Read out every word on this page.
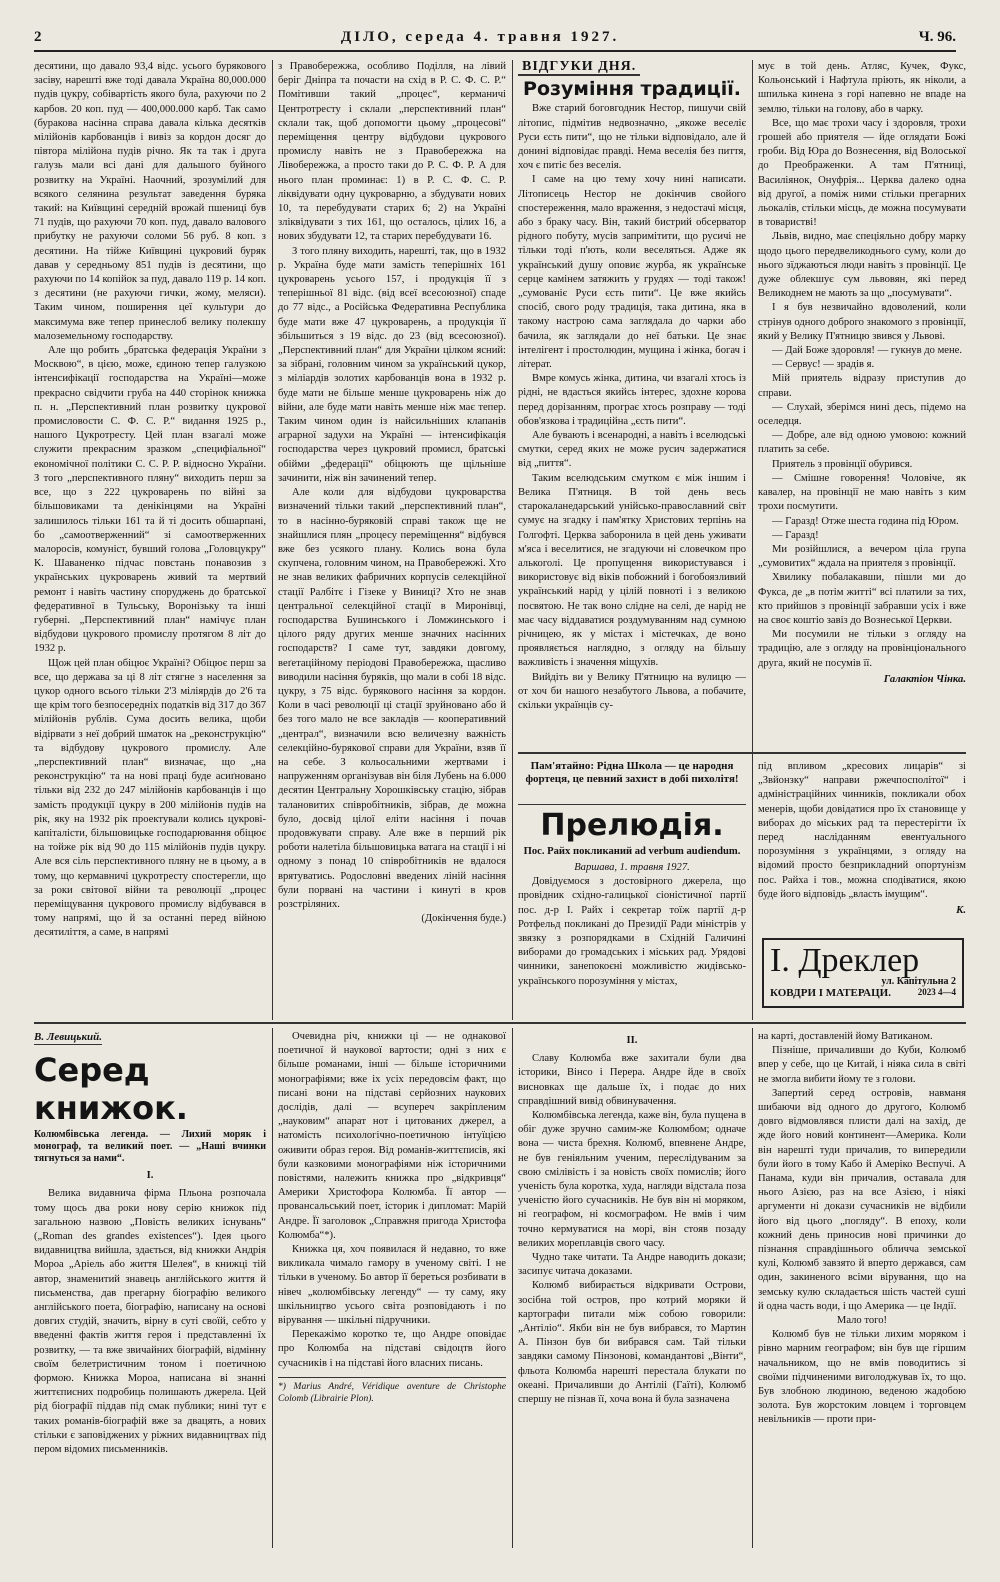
2	ДІЛО, середа 4. травня 1927.	Ч. 96.

десятини, що давало 93,4 відс. усього бурякового засіву, нарешті вже тоді давала Україна 80,000.000 пудів цукру, собівартість якого була, рахуючи по 2 карбов. 20 коп. пуд — 400,000.000 карб. Так само (буракова насінна справа давала кілька десятків мілійонів карбованців і вивіз за кордон досяг до півтора мілійона пудів річно. Як та так і друга галузь мали всі дані для дальшого буйного розвитку на Україні. Наочний, зрозумілий для всякого селянина результат заведення буряка такий: на Київщині середній врожай пшениці був 71 пудів, що рахуючи 70 коп. пуд, давало валового прибутку не рахуючи соломи 56 руб. 8 коп. з десятини. На тійже Київщині цукровий буряк давав у середньому 851 пудів із десятини, що рахуючи по 14 копійок за пуд, давало 119 р. 14 коп. з десятини (не рахуючи гички, жому, меляси). Таким чином, поширення цеї культури до максимума вже тепер принеслоб велику полекшу малоземельному господарству.

Але що робить „братська федерація України з Москвою“, в цією, може, єдиною тепер галузкою інтенсифікації господарства на Україні—може прекрасно свідчити груба на 440 сторінок книжка п. н. „Перспективний план розвитку цукрової промисловости С. Ф. С. Р.“ видання 1925 р., нашого Цукротресту. Цей план взагалі може служити прекрасним зразком „специфіальної“ економічної політики С. С. Р. Р. відносно України. З того „перспективного пляну“ виходить перш за все, що з 222 цукроварень по війні за більшовиками та денікінцями на Україні залишилось тільки 161 та й ті досить обшарпані, бо „самоотверженний“ зі самоотверженних малоросів, комуніст, бувший голова „Головцукру“ К. Шаваненко підчас повстань понавозив з українських цукроварень живий та мертвий ремонт і навіть частину споруджень до братської федеративної в Тульську, Воронізьку та інші губерні. „Перспективний план“ намічує план відбудови цукрового промислу протягом 8 літ до 1932 р.

Щож цей план обіцює Україні? Обіцює перш за все, що держава за ці 8 літ стягне з населення за цукор одного всього тільки 2'3 міліярдів до 2'6 та ще крім того безпосередніх податків від 317 до 367 мілійонів рублів. Сума досить велика, щоби відірвати з неї добрий шматок на „реконструкцію“ та відбудову цукрового промислу. Але „перспективний план“ визначає, що „на реконструкцію“ та на нові праці буде асиґновано тільки від 232 до 247 мілійонів карбованців і що замість продукції цукру в 200 мілійонів пудів на рік, яку на 1932 рік проектували колись цукрові-капіталісти, більшовицьке господарювання обіцює на тойже рік від 90 до 115 мілійонів пудів цукру. Але вся сіль перспективного пляну не в цьому, а в тому, що кермавничі цукротресту спостерегли, що за роки світової війни та революції „процес переміщування цукрового промислу відбувався в тому напрямі, що й за останні перед війною десятиліття, а саме, в напрямі

з Правобережжа, особливо Поділля, на лівий беріг Дніпра та почасти на схід в Р. С. Ф. С. Р.“ Помітивши такий „процес“, керманичі Центротресту і склали „перспективний план“ склали так, щоб допомогти цьому „процесові“ переміщення центру відбудови цукрового промислу навіть не з Правобережжа на Лівобережжа, а просто таки до Р. С. Ф. Р. А для нього план проминає: 1) в Р. С. Ф. С. Р. ліквідувати одну цукроварню, а збудувати нових 10, та перебудувати старих 6; 2) на Україні зліквідувати з тих 161, що осталось, цілих 16, а нових збудувати 12, та старих перебудувати 16.

З того пляну виходить, нарешті, так, що в 1932 р. Україна буде мати замість теперішніх 161 цукроварень усього 157, і продукція її з теперішньої 81 відс. (від всеї всесоюзної) спаде до 77 відс., а Російська Федеративна Республика буде мати вже 47 цукроварень, а продукція її збільшиться з 19 відс. до 23 (від всесоюзної). „Перспективний план“ для України цілком ясний: за зібрані, головним чином за український цукор, з міліардів золотих карбованців вона в 1932 р. буде мати не більше менше цукроварень ніж до війни, але буде мати навіть менше ніж має тепер. Таким чином один із найсильніших клапанів аграрної задухи на Україні — інтенсифікація господарства через цукровий промисл, братські обійми „федерації“ обіцюють ще щільніше зачинити, ніж він зачинений тепер.

Але коли для відбудови цукроварства визначений тільки такий „перспективний план“, то в насінно-буряковій справі також ще не знайшлися плян „процесу переміщення“ відбувся вже без усякого плану. Колись вона була скупчена, головним чином, на Правобережжі. Хто не знав великих фабричних корпусів селекційної стації Ралбітє і Гізеке у Виниці? Хто не знав центральної селекційної стації в Миронівці, господарства Бушинського і Ломжинського і цілого ряду других менше значних насінних господарств? І саме тут, завдяки довгому, веґетаційному періодові Правобережжа, щасливо виводили насіння буряків, що мали в собі 18 відс. цукру, з 75 відс. бурякового насіння за кордон. Коли в часі революції ці стації зруйновано або й без того мало не все закладів — кооперативний „централ“, визначили всю величезну важність селекційно-бурякової справи для України, взяв її на себе. З кольосальними жертвами і напруженням організував він біля Лубень на 6.000 десятин Центральну Хорошківську стацію, зібрав талановитих співробітників, зібрав, де можна було, досвід цілої еліти насіння і почав продовжувати справу. Але вже в перший рік роботи налетіла більшовицька ватага на стації і ні одному з понад 10 співробітників не вдалося врятуватись. Родословні введених ліній насіння були порвані на частини і кинуті в кров розстріляних.

(Докінчення буде.)
ВІДГУКИ ДНЯ.
Розуміння традиції.

Вже старий боговгодник Нестор, пишучи свій літопис, підмітив недвозначно, „якоже веселіє Руси єсть пити“, що не тільки відповідало, але й донині відповідає правді. Нема веселія без пиття, хоч є питіє без веселія.

І саме на цю тему хочу нині написати. Літописець Нестор не докінчив свойого спостереження, мало враження, з недостачі місця, або з браку часу. Він, такий бистрий обсерватор рідного побуту, мусів запримітити, що русичі не тільки тоді п'ють, коли веселяться. Адже як український душу оповиє журба, як українське серце камінем затяжить у грудях — тоді також! „сумованіє Руси єсть пити“. Це вже якийсь спосіб, свого роду традиція, така дитина, яка в такому настрою сама заглядала до чарки або бачила, як заглядали до неї батьки. Це знає інтелігент і простолюдин, мущина і жінка, богач і літерат.

Вмре комусь жінка, дитина, чи взагалі хтось із рідні, не вдасться якийсь інтерес, здохне корова перед дорізанням, програє хтось розправу — тоді обов'язкова і традиційна „єсть пити“.

Але бувають і всенародні, а навіть і вселюдські смутки, серед яких не може русич задержатися від „пиття“.

Таким вселюдським смутком є між іншим і Велика П'ятниця. В той день весь старокаланедарський унійсько-православний світ сумує на згадку і пам'ятку Христових терпінь на Голгофті. Церква заборонила в цей день уживати м'яса і веселитися, не згадуючи ні словечком про алькоголі. Це пропущення використувався і використовує від віків побожний і богобоязливий український нарід у цілій повноті і з великою посвятою. Не так воно слідне на селі, де нарід не має часу віддаватися роздумуванням над сумною річницею, як у містах і містечках, де воно проявляється наглядно, з огляду на більшу важливість і значення міщухів.

Вийдіть ви у Велику П'ятницю на вулицю — от хоч би нашого незабутого Львова, а побачите, скільки українців су-

мує в той день. Атляс, Кучек, Фукс, Кольонський і Нафтула пріють, як ніколи, а шпилька кинена з горі напевно не впаде на землю, тільки на голову, або в чарку.

Все, що має трохи часу і здоровля, трохи грошей або приятеля — йде оглядати Божі гроби. Від Юра до Вознесення, від Волоської до Преображенки. А там П'ятниці, Василіянок, Онуфрія... Церква далеко одна від другої, а поміж ними стільки прегарних льокалів, стільки місць, де можна посумувати в товаристві!

Львів, видно, має спеціяльно добру марку щодо цього передвеликоднього суму, коли до нього зїджаються люди навіть з провінції. Це дуже облекшує сум львовян, які перед Великоднем не мають за що „посумувати“.

І я був незвичайно вдоволений, коли стрінув одного доброго знакомого з провінції, який у Велику П'ятницю звився у Львові.

— Дай Боже здоровля! — гукнув до мене.

— Сервус! — зрадів я.

Мій приятель відразу приступив до справи.

— Слухай, зберімся нині десь, підемо на оселедця.

— Добре, але від одною умовою: кожний платить за себе.

Приятель з провінції обурився.

— Смішне говорення! Чоловіче, як кавалер, на провінції не маю навіть з ким трохи посмутити.

— Гаразд! Отже шеста година під Юром.

— Гаразд!

Ми розійшлися, а вечером ціла група „сумовитих“ ждала на приятеля з провінції.

Хвилику побалакавши, пішли ми до Фукса, де „в потім житті“ всі платили за тих, кто прийшов з провінції забравши усіх і вже на своє коштіо завіз до Вознеської Церкви.

Ми посумили не тільки з огляду на традицію, але з огляду на провінціонального друга, який не посумів її.

Галактіон Чінка.
Пам'ятайно: Рідна Школа — це народня фортеця, це певний захист в добі пихолітя!
Прелюдія.
Пос. Райх покликаний ad verbum audiendum.
Варшава, 1. травня 1927.

Довідуємося з достовірного джерела, що провідник східно-галицької сіоністичної партії пос. д-р І. Райх і секретар тоїж партії д-р Ротфельд покликані до Президії Ради міністрів у звязку з розпорядками в Східній Галичині виборами до громадських і міських рад. Урядові чинники, занепокоєні можливістю жидівсько-українського порозуміння у містах,

під впливом „кресових лицарів“ зі „Звйонзку“ направи ржечпосполітої“ і адміністраційних чинників, покликали обох менерів, щоби довідатися про їх становище у виборах до міських рад та перестерігти їх перед насліданням евентуального порозуміння з українцями, з огляду на відомий просто безприкладний опортунізм пос. Райха і тов., можна сподіватися, якою буде його відповідь „власть імущим“.

К.
І. Дреклер
ул. Капітульна 2
КОВДРИ І МАТЕРАЦИ.	2023 4—4
В. Левицький.
Серед книжок.
Колюмбівська легенда. — Лихий моряк і монограф, та великий поет. — „Наші вчинки тягнуться за нами“.
I.

Велика видавнича фірма Пльона розпочала тому щось два роки нову серію книжок під загальною назвою „Повість великих існувань“ („Roman des grandes existences“). Ідея цього видавництва вийшла, здається, від книжки Андрія Мороа „Аріель або життя Шелея“, в книжці тій автор, знаменитий знавець англійського життя й письменства, дав прегарну біографію великого англійського поета, біографію, написану на основі довгих студій, значить, вірну в суті своїй, себто у введенні фактів життя героя і представленні їх розвитку, — та вже звичайних біографій, відмінну своїм белетристичним тоном і поетичною формою. Книжка Мороа, написана ві знанні життєписних подробиць полишають джерела. Цей рід біографії піддав під смак публики; нині тут є таких романів-біографій вже за двацять, а нових стільки є заповіджених у ріжних видавництвах під пером відомих письменників.

Очевидна річ, книжки ці — не однакової поетичної й наукової вартости; одні з них є більше романами, інші — більше історичними монографіями; вже іх усіх передовсім факт, що писані вони на підставі серйозних наукових дослідів, далі — всупереч закріпленим „науковим“ апарат нот і цитованих джерел, а натомість психологічно-поетичною інтуїцією оживити образ героя. Від романів-життєписів, які були казковими монографіями ніж історичними повістями, належить книжка про „відкривця“ Америки Христофора Колюмба. Її автор — провансальський поет, історик і дипломат: Марій Андре. Її заголовок „Справжня пригода Христофа Колюмба“*).

Книжка ця, хоч появилася й недавно, то вже викликала чимало гамору в ученому світі. І не тільки в ученому. Бо автор її береться розбивати в нівеч „колюмбівську легенду“ — ту саму, яку шкільництво усього світа розповідають і по вірування — шкільні підручники.

Перекажімо коротко те, що Андре оповідає про Колюмба на підставі свідоцтв його сучасників і на підставі його власних писань.

*) Marius André, Véridique aventure de Christophe Colomb (Librairie Plon).
II.

Славу Колюмба вже захитали були два історики, Вінсо і Перера. Андре йде в своїх висновках ще дальше їх, і подає до них справдішний вивід обвинувачення.

Колюмбівська легенда, каже він, була пущена в обіг дуже зручно самим-же Колюмбом; одначе вона — чиста брехня. Колюмб, впевнене Андре, не був геніяльним ученим, переслідуваним за свою смілівість і за новість своїх помислів; його ученість була коротка, худа, нагляди відстала поза ученістю його сучасників. Не був він ні моряком, ні географом, ні космографом. Не вмів і чим точно кермуватися на морі, він стояв позаду великих мореплавців свого часу.

Чудно таке читати. Та Андре наводить докази; засипує читача доказами.

Колюмб вибирається відкривати Острови, зосібна той остров, про котрий моряки й картографи питали між собою говорили: „Антіліо“. Якби він не був вибрався, то Мартин А. Пінзон був би вибрався сам. Тай тільки завдяки самому Пінзонові, командантові „Вінти“, фльота Колюмба нарешті перестала блукати по океані. Причаливши до Антіліі (Гаїті), Колюмб спершу не пізнав її, хоча вона й була зазначена

на карті, доставленій йому Ватиканом.

Пізніше, причаливши до Куби, Колюмб впер у себе, що це Китай, і ніяка сила в світі не змогла вибити йому те з голови.

Запертий серед островів, навманя шибаючи від одного до другого, Колюмб довго відмовлявся плисти далі на захід, де жде його новий континент—Америка. Коли він нарешті туди причалив, то випередили були його в тому Кабо й Амеріко Веспучі. А Панама, куди він причалив, оставала для нього Азією, раз на все Азією, і ніякі аргументи ні докази сучасників не відбили його від цього „погляду“. В епоху, коли кожний день приносив нові причинки до пізнання справдішнього обличча земської кулі, Колюмб завзято й вперто держався, сам один, закиненого всіми вірування, що на земську кулю складається шість частей суші й одна часть води, і що Америка — це Індії.

Мало того!

Колюмб був не тільки лихим моряком і рівно марним географом; він був ще гіршим начальником, що не вмів поводитись зі своїми підчиненими виголоджував їх, то що. Був злобною людиною, веденою жадобою золота. Був жорстоким ловцем і торговцем невільників — проти при-
